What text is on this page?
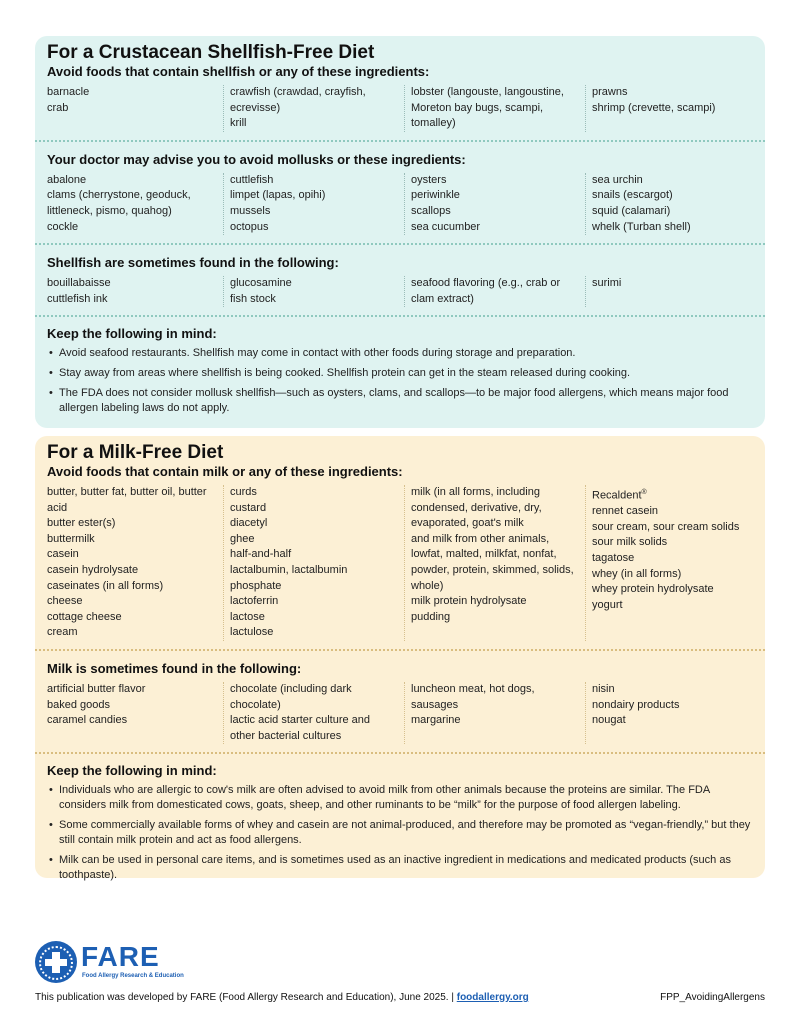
For a Crustacean Shellfish-Free Diet
Avoid foods that contain shellfish or any of these ingredients:
barnacle
crab
crawfish (crawdad, crayfish,
ecrevisse)
krill
lobster (langouste, langoustine,
Moreton bay bugs, scampi,
tomalley)
prawns
shrimp (crevette, scampi)
Your doctor may advise you to avoid mollusks or these ingredients:
abalone
clams (cherrystone, geoduck,
littleneck, pismo, quahog)
cockle
cuttlefish
limpet (lapas, opihi)
mussels
octopus
oysters
periwinkle
scallops
sea cucumber
sea urchin
snails (escargot)
squid (calamari)
whelk (Turban shell)
Shellfish are sometimes found in the following:
bouillabaisse
cuttlefish ink
glucosamine
fish stock
seafood flavoring (e.g., crab or
clam extract)
surimi
Keep the following in mind:
• Avoid seafood restaurants. Shellfish may come in contact with other foods during storage and preparation.
• Stay away from areas where shellfish is being cooked. Shellfish protein can get in the steam released during cooking.
• The FDA does not consider mollusk shellfish—such as oysters, clams, and scallops—to be major food allergens, which means major food allergen labeling laws do not apply.
For a Milk-Free Diet
Avoid foods that contain milk or any of these ingredients:
butter, butter fat, butter oil, butter
acid
butter ester(s)
buttermilk
casein
casein hydrolysate
caseinates (in all forms)
cheese
cottage cheese
cream
curds
custard
diacetyl
ghee
half-and-half
lactalbumin, lactalbumin
phosphate
lactoferrin
lactose
lactulose
milk (in all forms, including
condensed, derivative, dry,
evaporated, goat's milk
and milk from other animals,
lowfat, malted, milkfat, nonfat,
powder, protein, skimmed, solids,
whole)
milk protein hydrolysate
pudding
Recaldent®
rennet casein
sour cream, sour cream solids
sour milk solids
tagatose
whey (in all forms)
whey protein hydrolysate
yogurt
Milk is sometimes found in the following:
artificial butter flavor
baked goods
caramel candies
chocolate (including dark chocolate)
lactic acid starter culture and
other bacterial cultures
luncheon meat, hot dogs,
sausages
margarine
nisin
nondairy products
nougat
Keep the following in mind:
• Individuals who are allergic to cow's milk are often advised to avoid milk from other animals because the proteins are similar. The FDA considers milk from domesticated cows, goats, sheep, and other ruminants to be “milk” for the purpose of food allergen labeling.
• Some commercially available forms of whey and casein are not animal-produced, and therefore may be promoted as “vegan-friendly,” but they still contain milk protein and act as food allergens.
• Milk can be used in personal care items, and is sometimes used as an inactive ingredient in medications and medicated products (such as toothpaste).
FARE
Food Allergy Research & Education
This publication was developed by FARE (Food Allergy Research and Education), June 2025. | foodallergy.org	FPP_AvoidingAllergens
